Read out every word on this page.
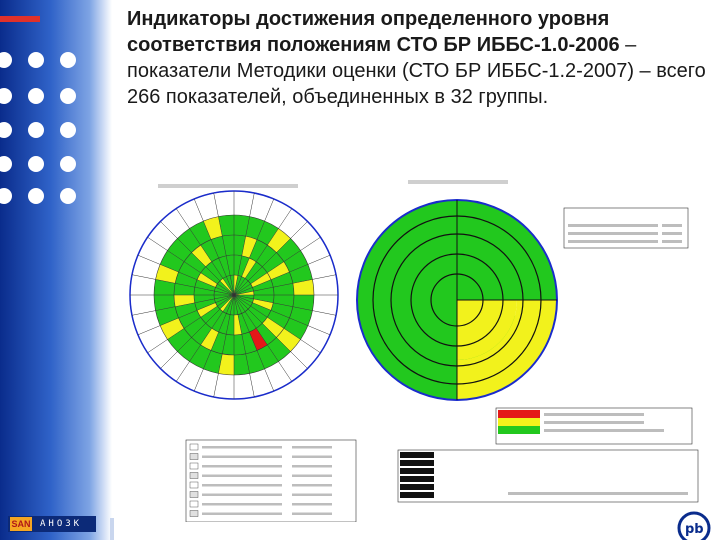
Индикаторы достижения определенного уровня соответствия положениям СТО БР ИББС-1.0-2006 – показатели Методики оценки (СТО БР ИББС-1.2-2007) – всего 266 показателей, объединенных в 32 группы.
SAN АНОЗК	рb
